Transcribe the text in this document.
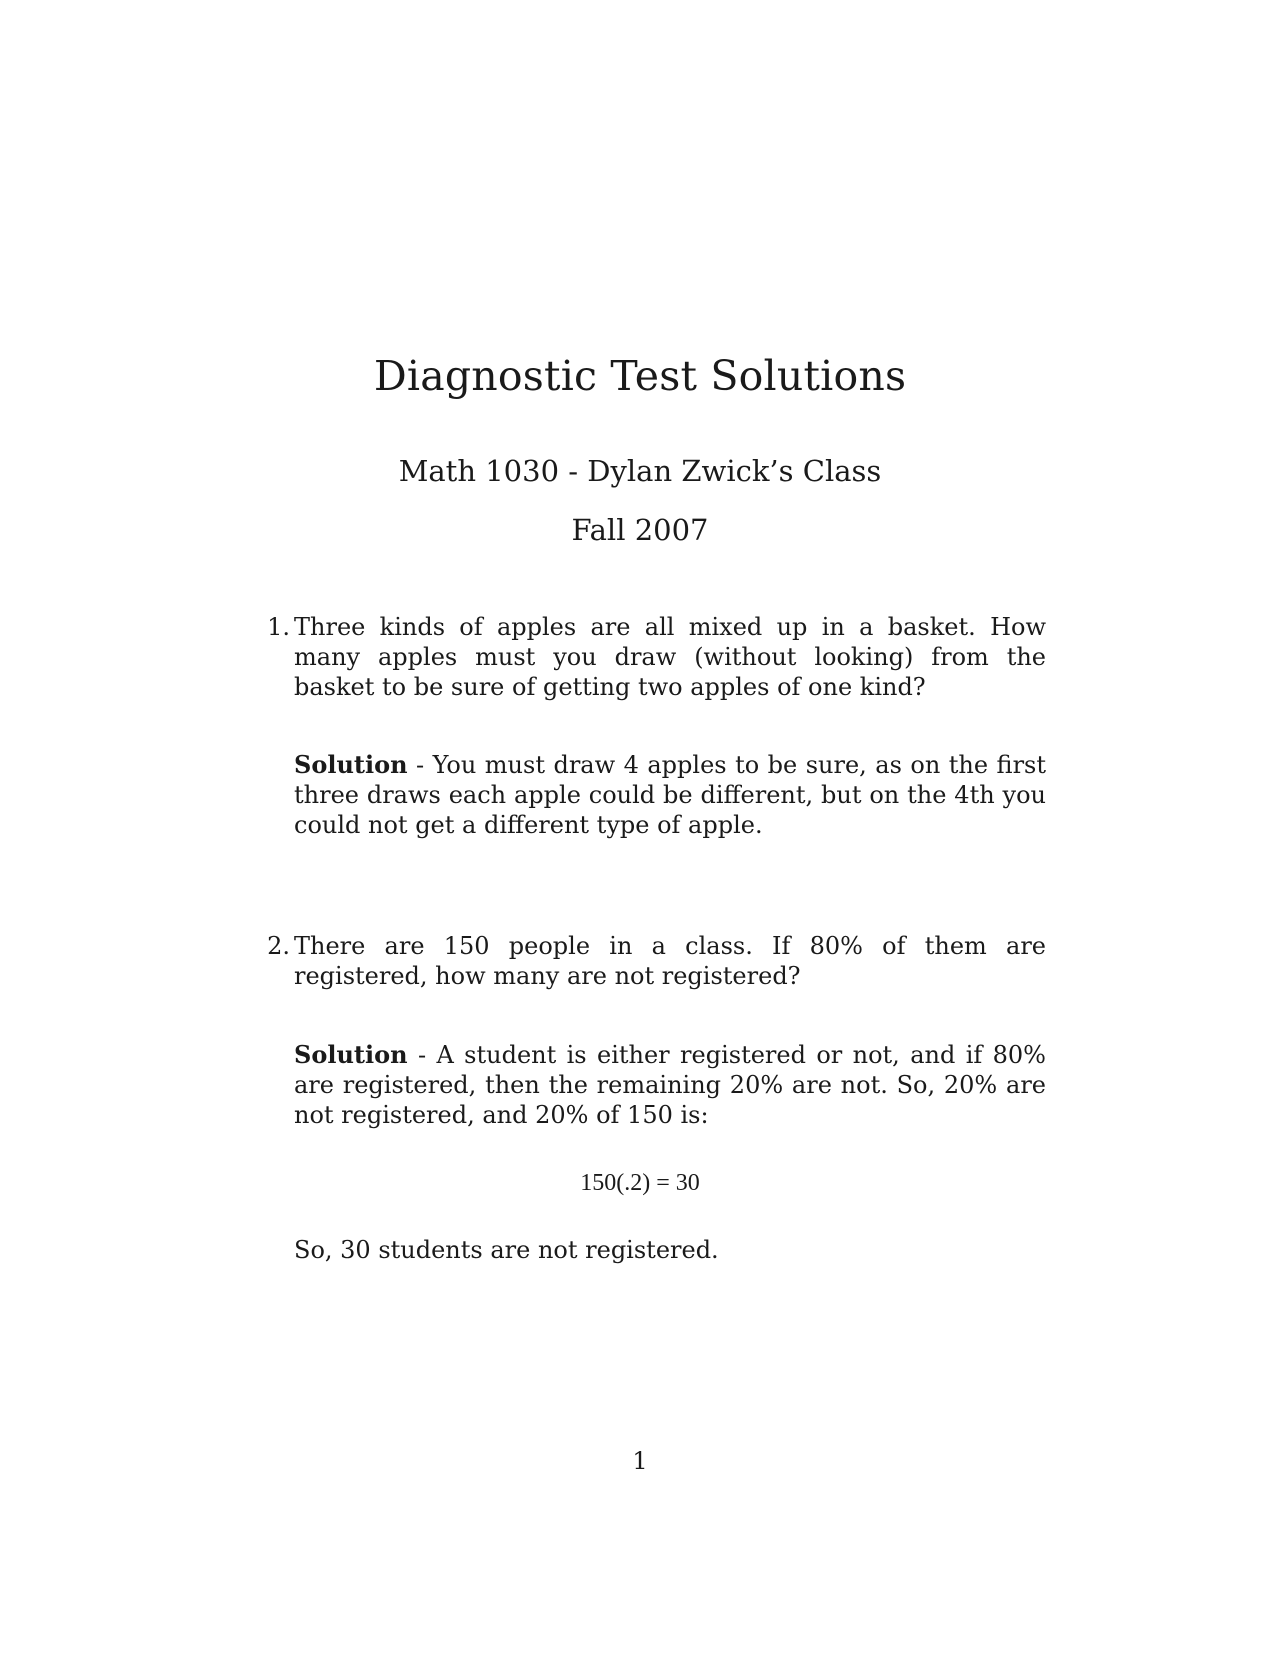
Diagnostic Test Solutions
Math 1030 - Dylan Zwick’s Class
Fall 2007
1. Three kinds of apples are all mixed up in a basket. How many apples must you draw (without looking) from the basket to be sure of getting two apples of one kind?
Solution - You must draw 4 apples to be sure, as on the first three draws each apple could be different, but on the 4th you could not get a different type of apple.
2. There are 150 people in a class. If 80% of them are registered, how many are not registered?
Solution - A student is either registered or not, and if 80% are registered, then the remaining 20% are not. So, 20% are not registered, and 20% of 150 is:
150(.2) = 30
So, 30 students are not registered.
1
